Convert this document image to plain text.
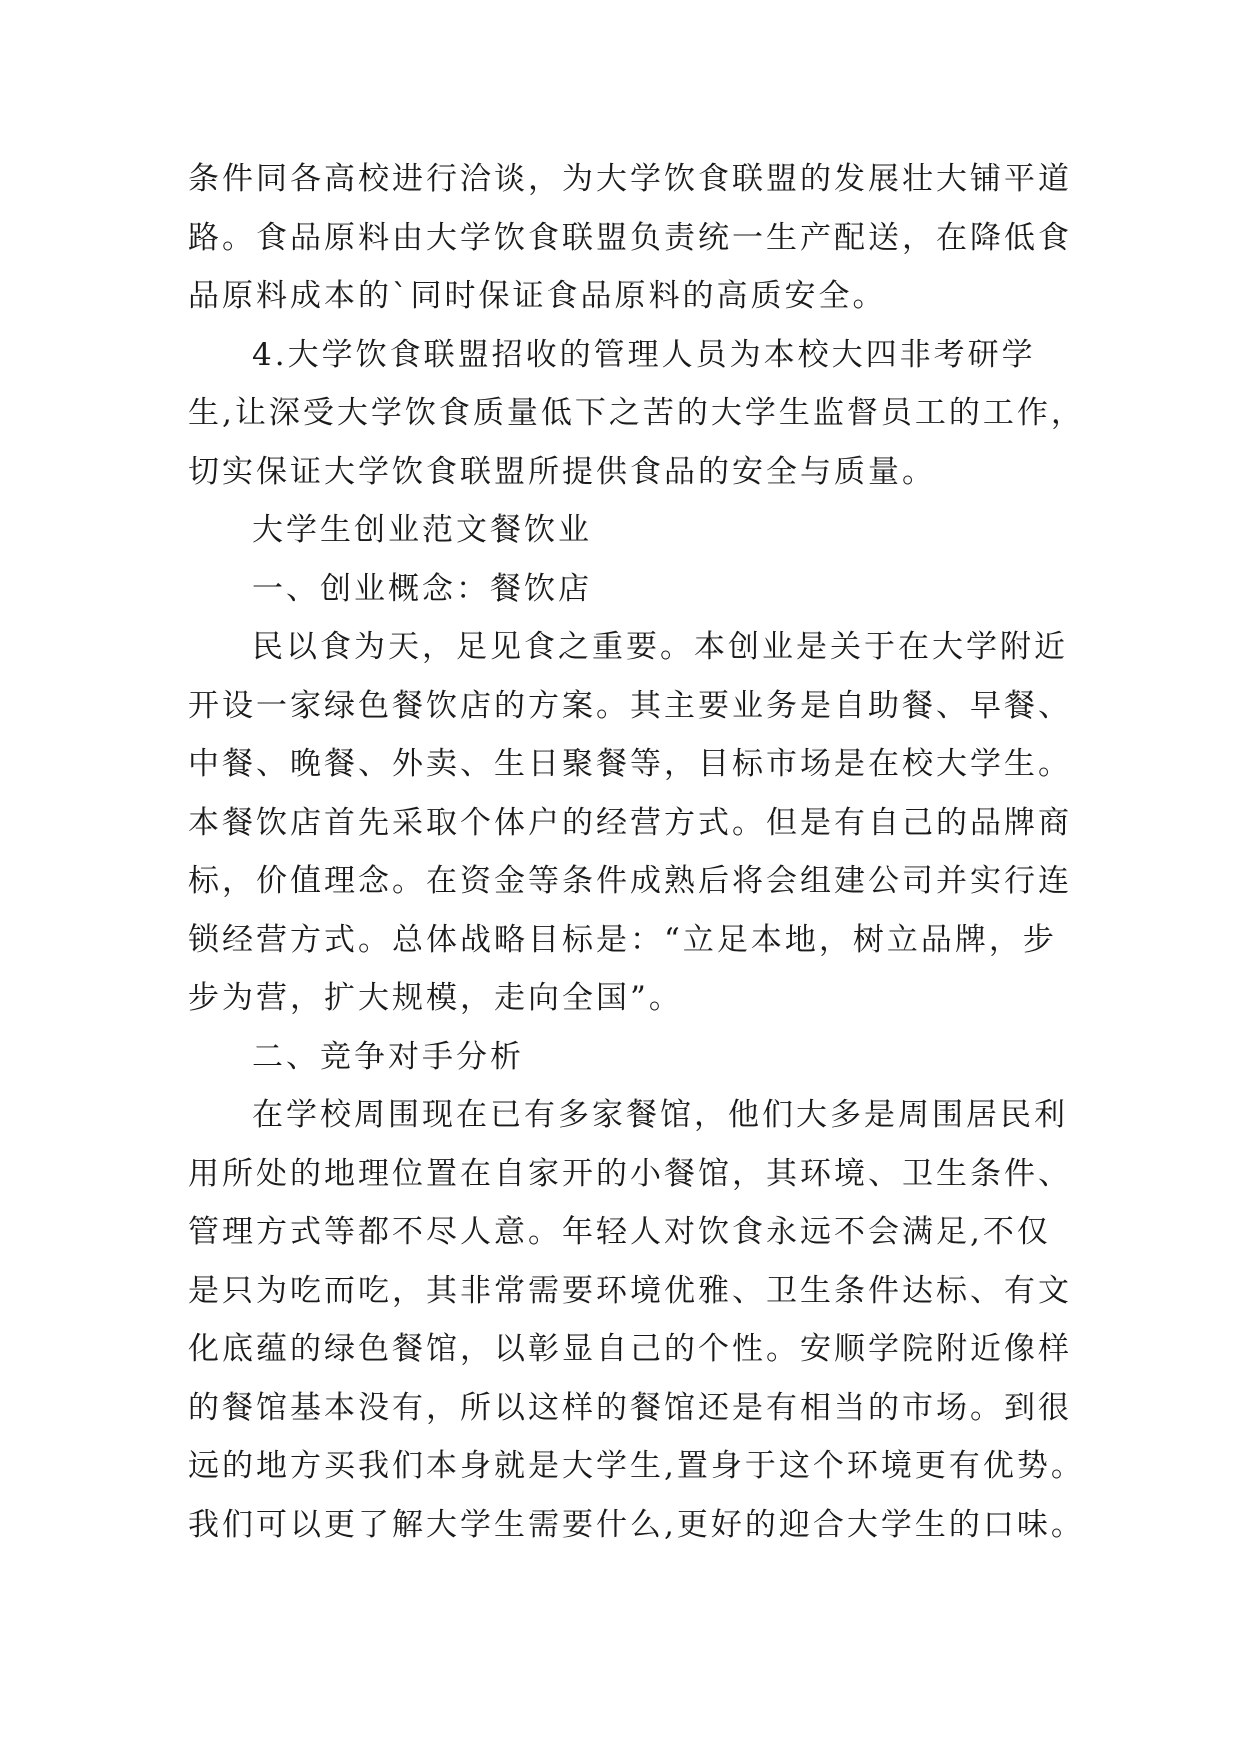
条件同各高校进行洽谈，为大学饮食联盟的发展壮大铺平道
路。食品原料由大学饮食联盟负责统一生产配送，在降低食
品原料成本的`同时保证食品原料的高质安全。
4.大学饮食联盟招收的管理人员为本校大四非考研学
生,让深受大学饮食质量低下之苦的大学生监督员工的工作，
切实保证大学饮食联盟所提供食品的安全与质量。
大学生创业范文餐饮业
一、创业概念：餐饮店
民以食为天，足见食之重要。本创业是关于在大学附近
开设一家绿色餐饮店的方案。其主要业务是自助餐、早餐、
中餐、晚餐、外卖、生日聚餐等，目标市场是在校大学生。
本餐饮店首先采取个体户的经营方式。但是有自己的品牌商
标，价值理念。在资金等条件成熟后将会组建公司并实行连
锁经营方式。总体战略目标是：“立足本地，树立品牌，步
步为营，扩大规模，走向全国”。
二、竞争对手分析
在学校周围现在已有多家餐馆，他们大多是周围居民利
用所处的地理位置在自家开的小餐馆，其环境、卫生条件、
管理方式等都不尽人意。年轻人对饮食永远不会满足,不仅
是只为吃而吃，其非常需要环境优雅、卫生条件达标、有文
化底蕴的绿色餐馆，以彰显自己的个性。安顺学院附近像样
的餐馆基本没有，所以这样的餐馆还是有相当的市场。到很
远的地方买我们本身就是大学生,置身于这个环境更有优势。
我们可以更了解大学生需要什么,更好的迎合大学生的口味。
